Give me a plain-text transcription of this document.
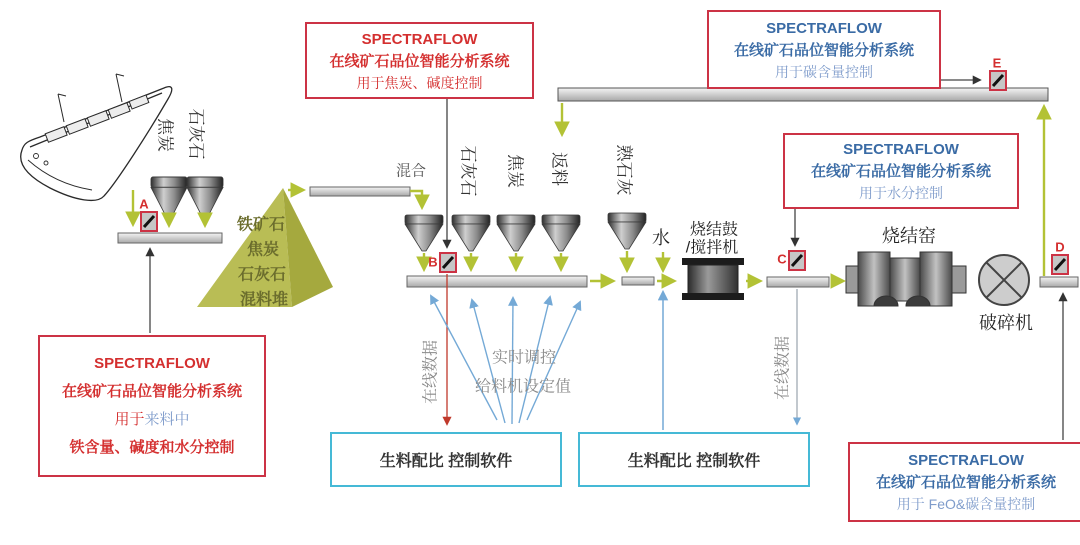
焦炭 石灰石
铁矿石
焦炭
石灰石
混料堆
混合 石灰石 焦炭 返料	熟石灰
水 烧结鼓
/搅拌机
烧结窑
破碎机
在线数据	在线数据
实时调控
给料机设定值
A
B	C
D
E
SPECTRAFLOW
在线矿石品位智能分析系统
用于来料中
铁含量、碱度和水分控制
SPECTRAFLOW
在线矿石品位智能分析系统
用于焦炭、碱度控制
SPECTRAFLOW
在线矿石品位智能分析系统
用于碳含量控制
SPECTRAFLOW
在线矿石品位智能分析系统
用于水分控制
SPECTRAFLOW
在线矿石品位智能分析系统
用于 FeO&碳含量控制
生料配比 控制软件	生料配比 控制软件
